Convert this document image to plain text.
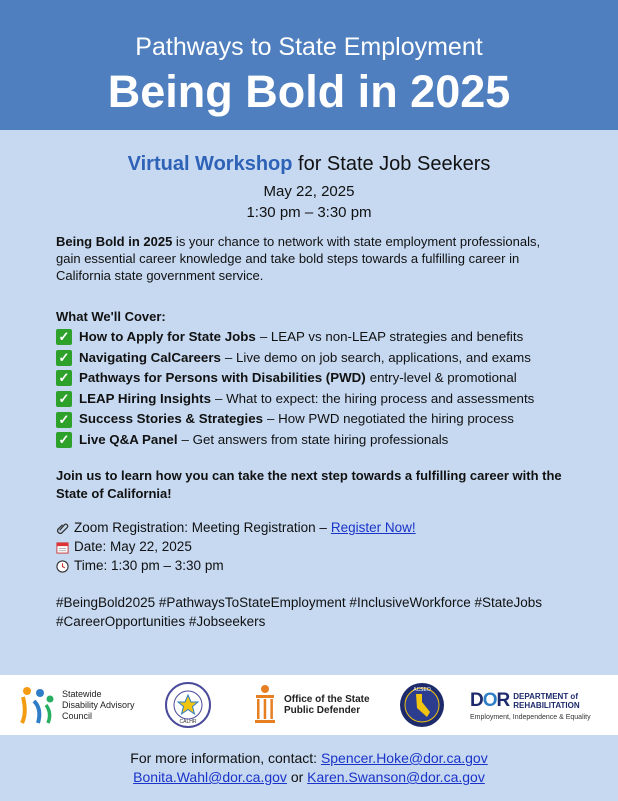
Pathways to State Employment
Being Bold in 2025
Virtual Workshop for State Job Seekers
May 22, 2025
1:30 pm – 3:30 pm
Being Bold in 2025 is your chance to network with state employment professionals, gain essential career knowledge and take bold steps towards a fulfilling career in California state government service.
What We'll Cover:
✓ How to Apply for State Jobs – LEAP vs non-LEAP strategies and benefits
✓ Navigating CalCareers – Live demo on job search, applications, and exams
✓ Pathways for Persons with Disabilities (PWD) entry-level & promotional
✓ LEAP Hiring Insights – What to expect: the hiring process and assessments
✓ Success Stories & Strategies – How PWD negotiated the hiring process
✓ Live Q&A Panel – Get answers from state hiring professionals
Join us to learn how you can take the next step towards a fulfilling career with the State of California!
Zoom Registration: Meeting Registration – Register Now!
Date: May 22, 2025
Time: 1:30 pm – 3:30 pm
#BeingBold2025 #PathwaysToStateEmployment #InclusiveWorkforce #StateJobs
#CareerOpportunities #Jobseekers
Statewide Disability Advisory Council
CALHR
Office of the State Public Defender
ACSEO DOR DEPARTMENT of REHABILITATION
Employment, Independence & Equality
For more information, contact: Spencer.Hoke@dor.ca.gov
Bonita.Wahl@dor.ca.gov or Karen.Swanson@dor.ca.gov
